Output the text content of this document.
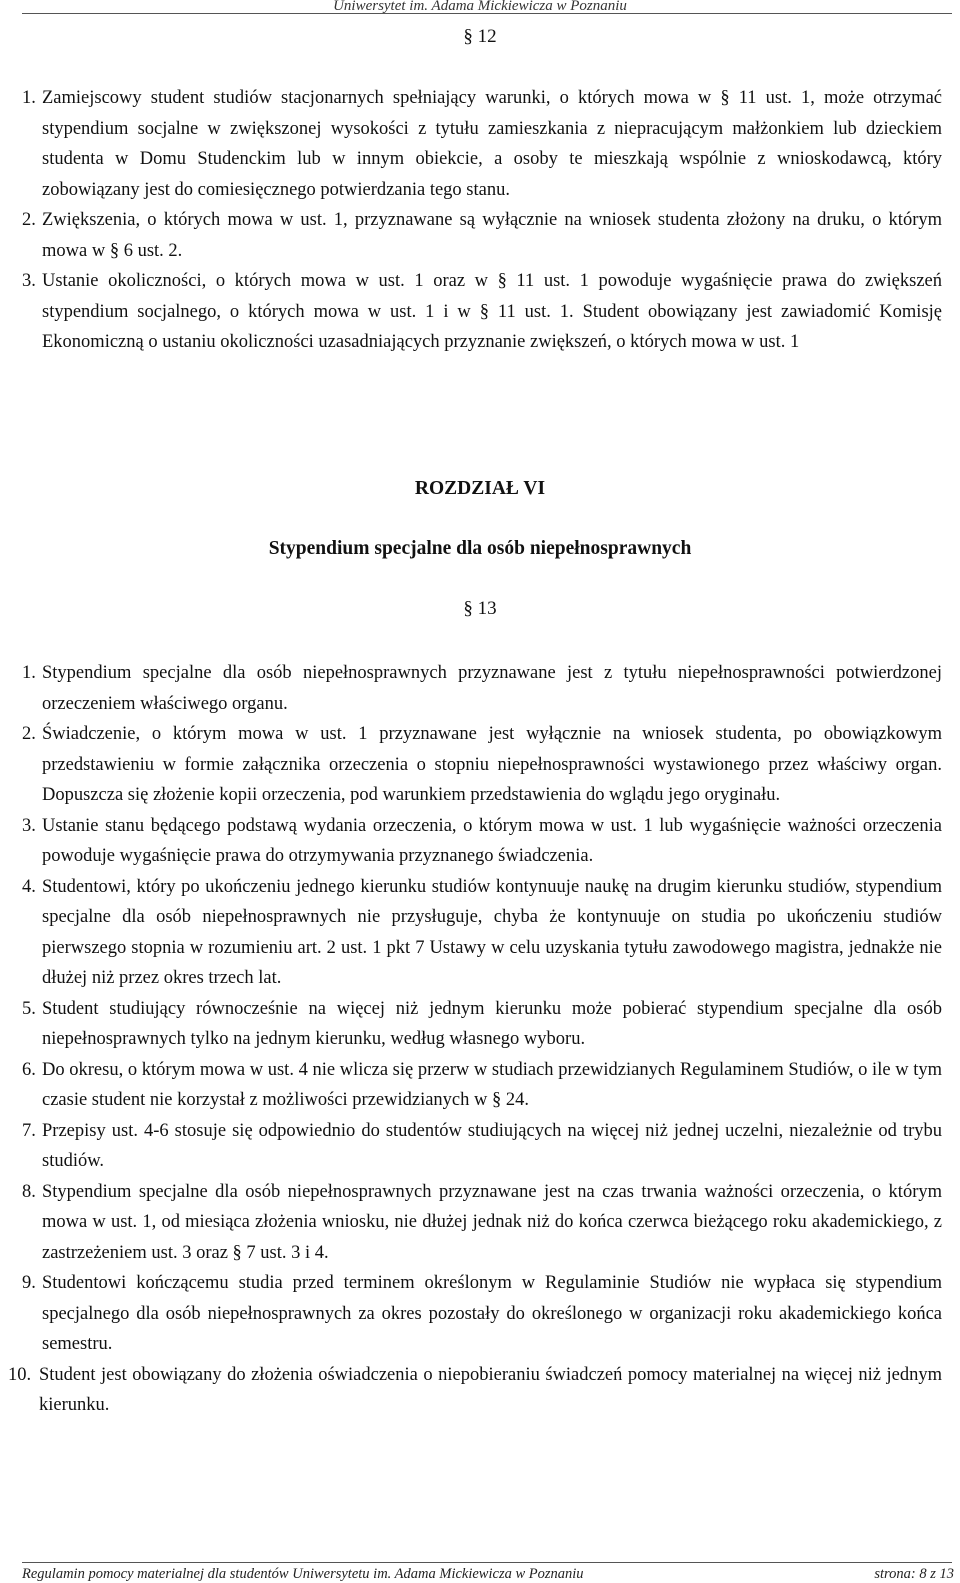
Uniwersytet im. Adama Mickiewicza w Poznaniu
§ 12
1. Zamiejscowy student studiów stacjonarnych spełniający warunki, o których mowa w § 11 ust. 1, może otrzymać stypendium socjalne w zwiększonej wysokości z tytułu zamieszkania z niepracującym małżonkiem lub dzieckiem studenta w Domu Studenckim lub w innym obiekcie, a osoby te mieszkają wspólnie z wnioskodawcą, który zobowiązany jest do comiesięcznego potwierdzania tego stanu.
2. Zwiększenia, o których mowa w ust. 1, przyznawane są wyłącznie na wniosek studenta złożony na druku, o którym mowa w § 6 ust. 2.
3. Ustanie okoliczności, o których mowa w ust. 1 oraz w § 11 ust. 1 powoduje wygaśnięcie prawa do zwiększeń stypendium socjalnego, o których mowa w ust. 1 i w § 11 ust. 1. Student obowiązany jest zawiadomić Komisję Ekonomiczną o ustaniu okoliczności uzasadniających przyznanie zwiększeń, o których mowa w ust. 1
ROZDZIAŁ VI
Stypendium specjalne dla osób niepełnosprawnych
§ 13
1. Stypendium specjalne dla osób niepełnosprawnych przyznawane jest z tytułu niepełnosprawności potwierdzonej orzeczeniem właściwego organu.
2. Świadczenie, o którym mowa w ust. 1 przyznawane jest wyłącznie na wniosek studenta, po obowiązkowym przedstawieniu w formie załącznika orzeczenia o stopniu niepełnosprawności wystawionego przez właściwy organ. Dopuszcza się złożenie kopii orzeczenia, pod warunkiem przedstawienia do wglądu jego oryginału.
3. Ustanie stanu będącego podstawą wydania orzeczenia, o którym mowa w ust. 1 lub wygaśnięcie ważności orzeczenia powoduje wygaśnięcie prawa do otrzymywania przyznanego świadczenia.
4. Studentowi, który po ukończeniu jednego kierunku studiów kontynuuje naukę na drugim kierunku studiów, stypendium specjalne dla osób niepełnosprawnych nie przysługuje, chyba że kontynuuje on studia po ukończeniu studiów pierwszego stopnia w rozumieniu art. 2 ust. 1 pkt 7 Ustawy w celu uzyskania tytułu zawodowego magistra, jednakże nie dłużej niż przez okres trzech lat.
5. Student studiujący równocześnie na więcej niż jednym kierunku może pobierać stypendium specjalne dla osób niepełnosprawnych tylko na jednym kierunku, według własnego wyboru.
6. Do okresu, o którym mowa w ust. 4 nie wlicza się przerw w studiach przewidzianych Regulaminem Studiów, o ile w tym czasie student nie korzystał z możliwości przewidzianych w § 24.
7. Przepisy ust. 4-6 stosuje się odpowiednio do studentów studiujących na więcej niż jednej uczelni, niezależnie od trybu studiów.
8. Stypendium specjalne dla osób niepełnosprawnych przyznawane jest na czas trwania ważności orzeczenia, o którym mowa w ust. 1, od miesiąca złożenia wniosku, nie dłużej jednak niż do końca czerwca bieżącego roku akademickiego, z zastrzeżeniem ust. 3 oraz § 7 ust. 3 i 4.
9. Studentowi kończącemu studia przed terminem określonym w Regulaminie Studiów nie wypłaca się stypendium specjalnego dla osób niepełnosprawnych za okres pozostały do określonego w organizacji roku akademickiego końca semestru.
10. Student jest obowiązany do złożenia oświadczenia o niepobieraniu świadczeń pomocy materialnej na więcej niż jednym kierunku.
Regulamin pomocy materialnej dla studentów Uniwersytetu im. Adama Mickiewicza w Poznaniu	strona: 8 z 13
